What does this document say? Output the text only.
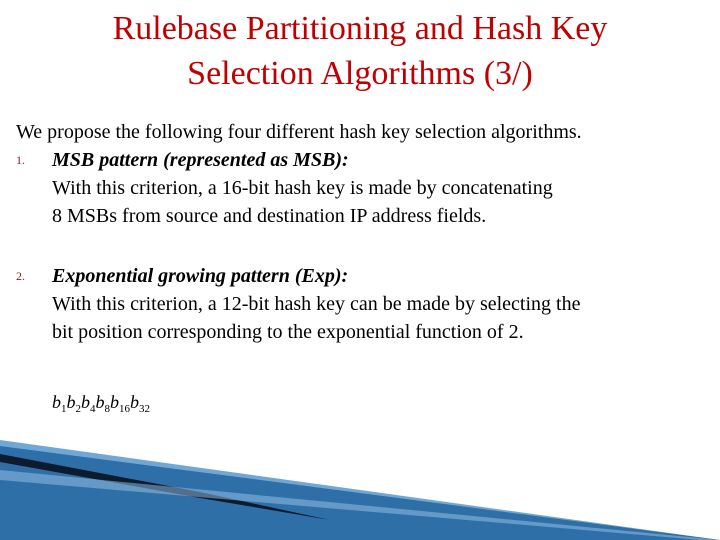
Rulebase Partitioning and Hash Key
Selection Algorithms (3/)

We propose the following four different hash key selection algorithms.

1. MSB pattern (represented as MSB):
With this criterion, a 16-bit hash key is made by concatenating
8 MSBs from source and destination IP address fields.
2. Exponential growing pattern (Exp):
With this criterion, a 12-bit hash key can be made by selecting the
bit position corresponding to the exponential function of 2.
$b_1b_2b_4b_8b_{16}b_{32}$
